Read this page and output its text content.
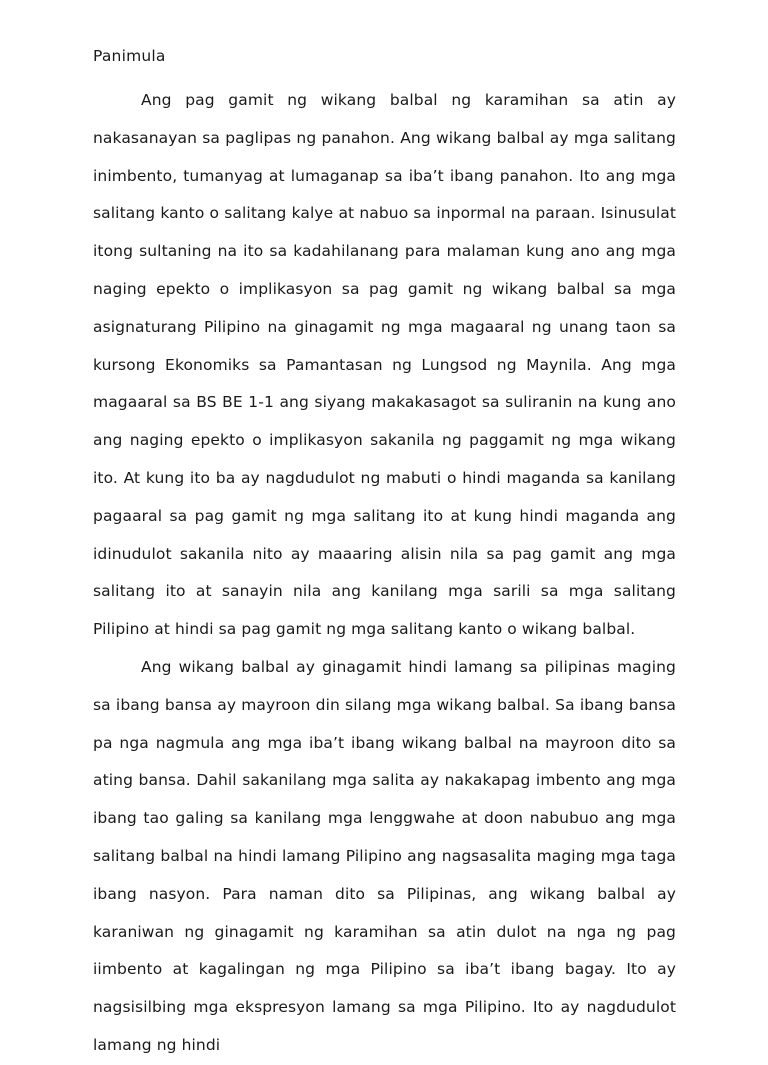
Panimula

Ang pag gamit ng wikang balbal ng karamihan sa atin ay nakasanayan sa paglipas ng panahon. Ang wikang balbal ay mga salitang inimbento, tumanyag at lumaganap sa iba’t ibang panahon. Ito ang mga salitang kanto o salitang kalye at nabuo sa inpormal na paraan. Isinusulat itong sultaning na ito sa kadahilanang para malaman kung ano ang mga naging epekto o implikasyon sa pag gamit ng wikang balbal sa mga asignaturang Pilipino na ginagamit ng mga magaaral ng unang taon sa kursong Ekonomiks sa Pamantasan ng Lungsod ng Maynila. Ang mga magaaral sa BS BE 1-1 ang siyang makakasagot sa suliranin na kung ano ang naging epekto o implikasyon sakanila ng paggamit ng mga wikang ito. At kung ito ba ay nagdudulot ng mabuti o hindi maganda sa kanilang pagaaral sa pag gamit ng mga salitang ito at kung hindi maganda ang idinudulot sakanila nito ay maaaring alisin nila sa pag gamit ang mga salitang ito at sanayin nila ang kanilang mga sarili sa mga salitang Pilipino at hindi sa pag gamit ng mga salitang kanto o wikang balbal.

Ang wikang balbal ay ginagamit hindi lamang sa pilipinas maging sa ibang bansa ay mayroon din silang mga wikang balbal. Sa ibang bansa pa nga nagmula ang mga iba’t ibang wikang balbal na mayroon dito sa ating bansa. Dahil sakanilang mga salita ay nakakapag imbento ang mga ibang tao galing sa kanilang mga lenggwahe at doon nabubuo ang mga salitang balbal na hindi lamang Pilipino ang nagsasalita maging mga taga ibang nasyon. Para naman dito sa Pilipinas, ang wikang balbal ay karaniwan ng ginagamit ng karamihan sa atin dulot na nga ng pag iimbento at kagalingan ng mga Pilipino sa iba’t ibang bagay. Ito ay nagsisilbing mga ekspresyon lamang sa mga Pilipino. Ito ay nagdudulot lamang ng hindi
